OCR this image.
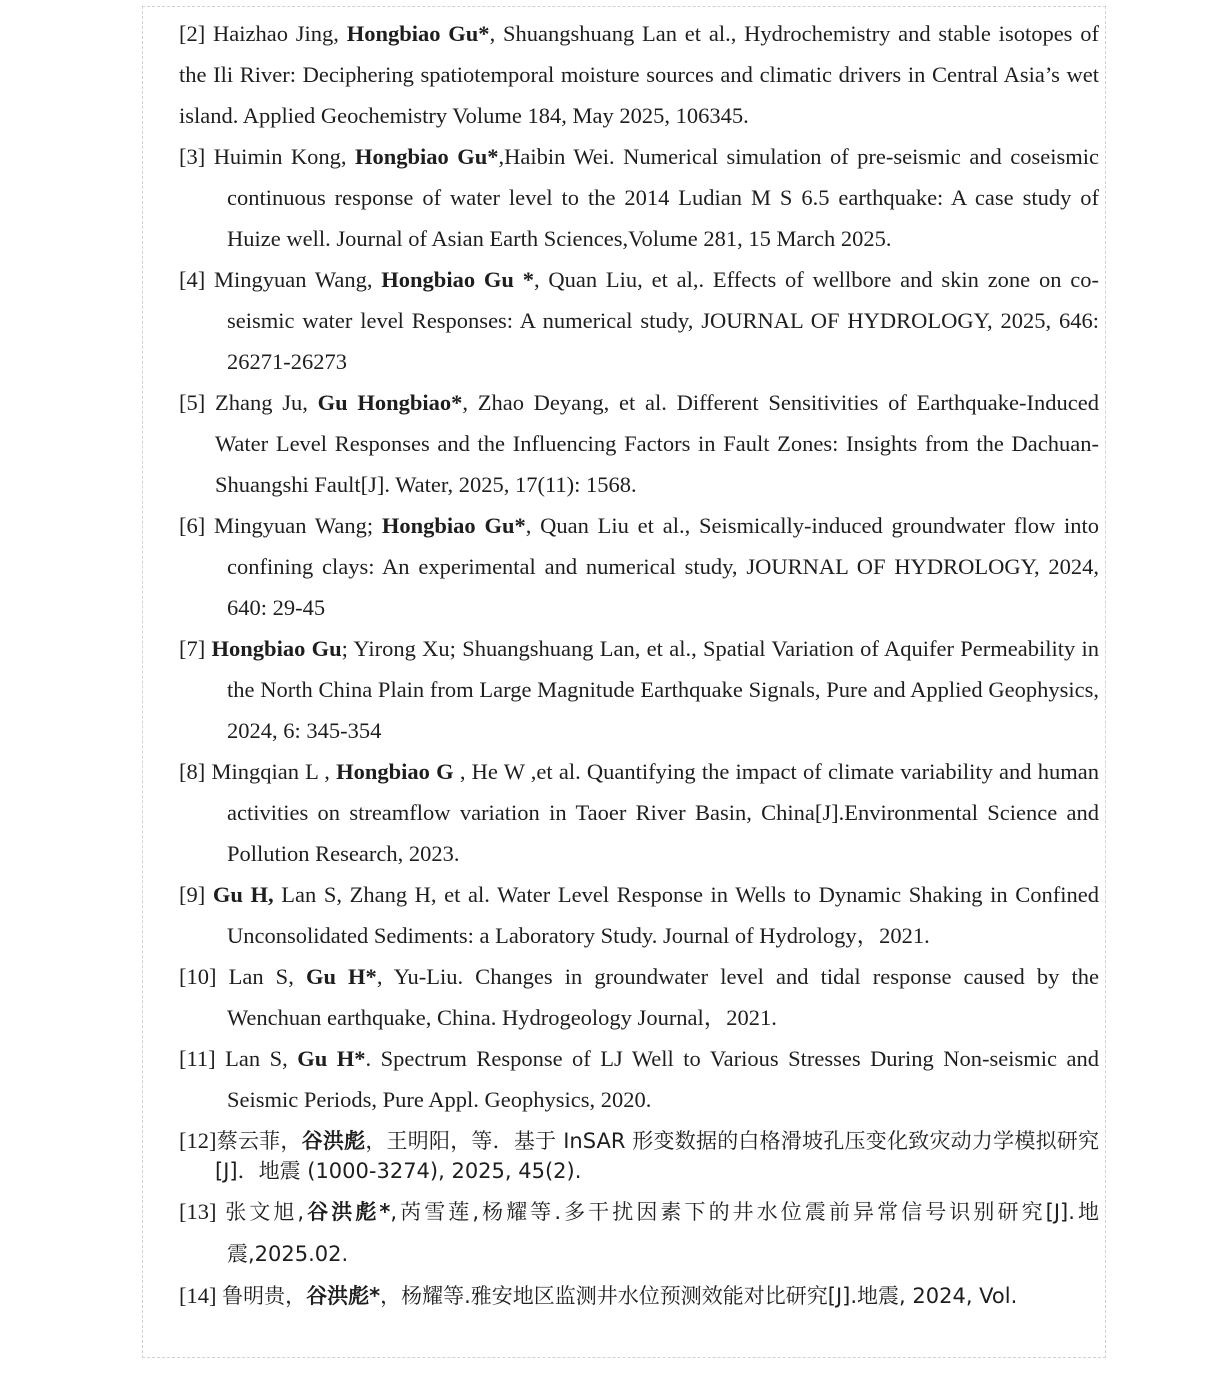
[2] Haizhao Jing, Hongbiao Gu*, Shuangshuang Lan et al., Hydrochemistry and stable isotopes of the Ili River: Deciphering spatiotemporal moisture sources and climatic drivers in Central Asia’s wet island. Applied Geochemistry Volume 184, May 2025, 106345.

[3] Huimin Kong, Hongbiao Gu*,Haibin Wei. Numerical simulation of pre-seismic and coseismic continuous response of water level to the 2014 Ludian M S 6.5 earthquake: A case study of Huize well. Journal of Asian Earth Sciences,Volume 281, 15 March 2025.

[4] Mingyuan Wang, Hongbiao Gu *, Quan Liu, et al,. Effects of wellbore and skin zone on co-seismic water level Responses: A numerical study, JOURNAL OF HYDROLOGY, 2025, 646: 26271-26273

[5] Zhang Ju, Gu Hongbiao*, Zhao Deyang, et al. Different Sensitivities of Earthquake-Induced Water Level Responses and the Influencing Factors in Fault Zones: Insights from the Dachuan-Shuangshi Fault[J]. Water, 2025, 17(11): 1568.

[6] Mingyuan Wang; Hongbiao Gu*, Quan Liu et al., Seismically-induced groundwater flow into confining clays: An experimental and numerical study, JOURNAL OF HYDROLOGY, 2024, 640: 29-45

[7] Hongbiao Gu; Yirong Xu; Shuangshuang Lan, et al., Spatial Variation of Aquifer Permeability in the North China Plain from Large Magnitude Earthquake Signals, Pure and Applied Geophysics, 2024, 6: 345-354

[8] Mingqian L , Hongbiao G , He W ,et al. Quantifying the impact of climate variability and human activities on streamflow variation in Taoer River Basin, China[J].Environmental Science and Pollution Research, 2023.

[9] Gu H, Lan S, Zhang H, et al. Water Level Response in Wells to Dynamic Shaking in Confined Unconsolidated Sediments: a Laboratory Study. Journal of Hydrology，2021.

[10] Lan S, Gu H*, Yu-Liu. Changes in groundwater level and tidal response caused by the Wenchuan earthquake, China. Hydrogeology Journal，2021.

[11] Lan S, Gu H*. Spectrum Response of LJ Well to Various Stresses During Non-seismic and Seismic Periods, Pure Appl. Geophysics, 2020.

[12]蔡云菲，谷洪彪，王明阳，等．基于 InSAR 形变数据的白格滑坡孔压变化致灾动力学模拟研究[J]．地震 (1000-3274), 2025, 45(2).

[13] 张文旭,谷洪彪*,芮雪莲,杨耀等.多干扰因素下的井水位震前异常信号识别研究[J].地震,2025.02.

[14] 鲁明贵，谷洪彪*，杨耀等.雅安地区监测井水位预测效能对比研究[J].地震, 2024, Vol.
